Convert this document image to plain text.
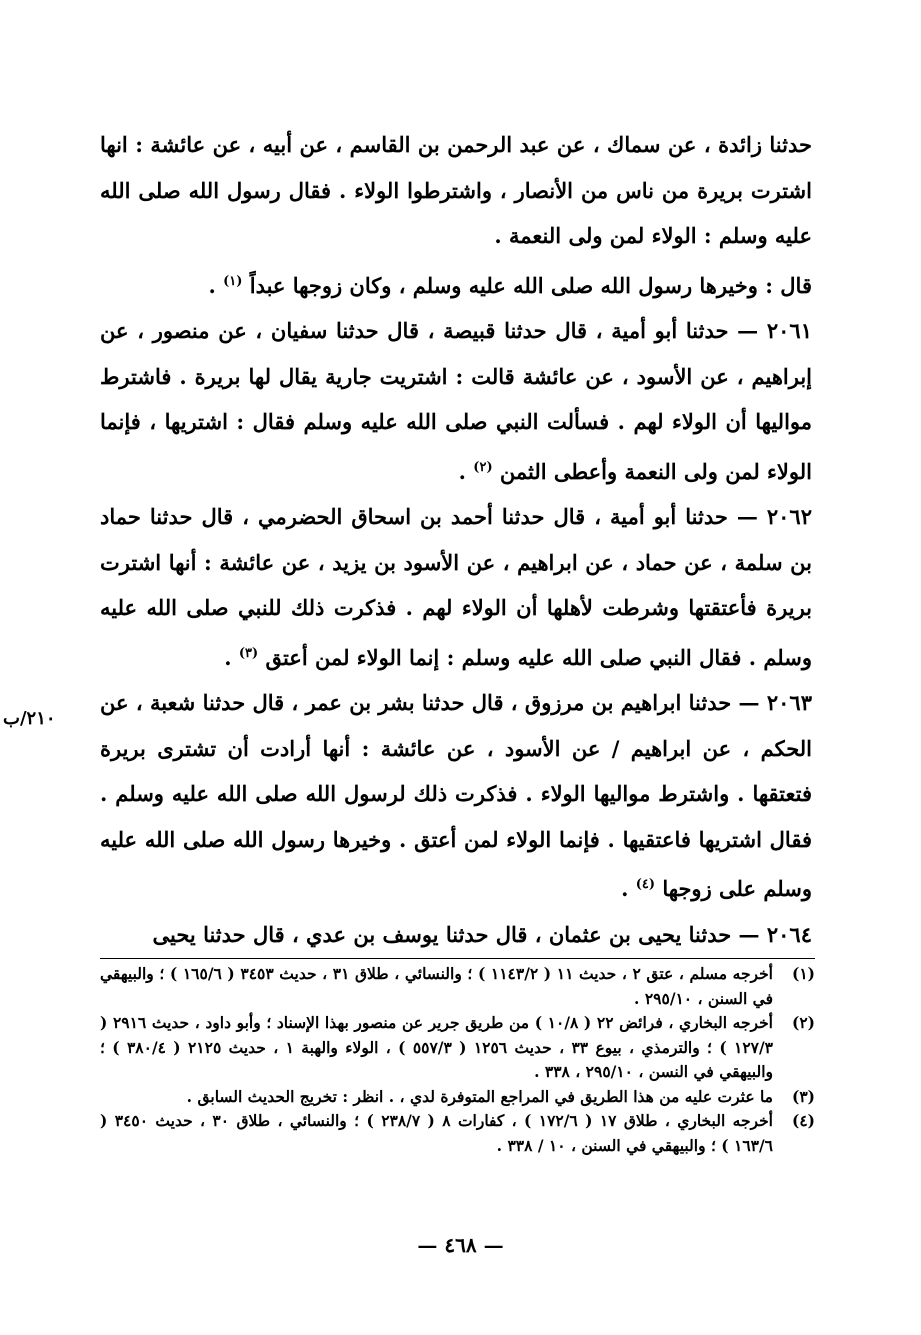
حدثنا زائدة ، عن سماك ، عن عبد الرحمن بن القاسم ، عن أبيه ، عن عائشة : انها اشترت بريرة من ناس من الأنصار ، واشترطوا الولاء . فقال رسول الله صلى الله عليه وسلم : الولاء لمن ولى النعمة .

قال : وخيرها رسول الله صلى الله عليه وسلم ، وكان زوجها عبداً $^{(١)}$ .

٢٠٦١ — حدثنا أبو أمية ، قال حدثنا قبيصة ، قال حدثنا سفيان ، عن منصور ، عن إبراهيم ، عن الأسود ، عن عائشة قالت : اشتريت جارية يقال لها بريرة . فاشترط مواليها أن الولاء لهم . فسألت النبي صلى الله عليه وسلم فقال : اشتريها ، فإنما الولاء لمن ولى النعمة وأعطى الثمن $^{(٢)}$ .

٢٠٦٢ — حدثنا أبو أمية ، قال حدثنا أحمد بن اسحاق الحضرمي ، قال حدثنا حماد بن سلمة ، عن حماد ، عن ابراهيم ، عن الأسود بن يزيد ، عن عائشة : أنها اشترت بريرة فأعتقتها وشرطت لأهلها أن الولاء لهم . فذكرت ذلك للنبي صلى الله عليه وسلم . فقال النبي صلى الله عليه وسلم : إنما الولاء لمن أعتق $^{(٣)}$ .

٢٠٦٣ — حدثنا ابراهيم بن مرزوق ، قال حدثنا بشر بن عمر ، قال حدثنا شعبة ، عن الحكم ، عن ابراهيم / عن الأسود ، عن عائشة : أنها أرادت أن تشترى بريرة فتعتقها . واشترط مواليها الولاء . فذكرت ذلك لرسول الله صلى الله عليه وسلم . فقال اشتريها فاعتقيها . فإنما الولاء لمن أعتق . وخيرها رسول الله صلى الله عليه وسلم على زوجها $^{(٤)}$ .

٢٠٦٤ — حدثنا يحيى بن عثمان ، قال حدثنا يوسف بن عدي ، قال حدثنا يحيى

٢١٠/ب
(١)
أخرجه مسلم ، عتق ٢ ، حديث ١١ ( ١١٤٣/٢ ) ؛ والنسائي ، طلاق ٣١ ، حديث ٣٤٥٣ ( ١٦٥/٦ ) ؛ والبيهقي في السنن ، ٢٩٥/١٠ .
(٢)
أخرجه البخاري ، فرائض ٢٢ ( ١٠/٨ ) من طريق جرير عن منصور بهذا الإسناد ؛ وأبو داود ، حديث ٢٩١٦ ( ١٢٧/٣ ) ؛ والترمذي ، بيوع ٣٣ ، حديث ١٢٥٦ ( ٥٥٧/٣ ) ، الولاء والهبة ١ ، حديث ٢١٢٥ ( ٣٨٠/٤ ) ؛ والبيهقي في النسن ، ٢٩٥/١٠ ، ٣٣٨ .
(٣)
ما عثرت عليه من هذا الطريق في المراجع المتوفرة لدي ، . انظر : تخريج الحديث السابق .
(٤)
أخرجه البخاري ، طلاق ١٧ ( ١٧٢/٦ ) ، كفارات ٨ ( ٢٣٨/٧ ) ؛ والنسائي ، طلاق ٣٠ ، حديث ٣٤٥٠ ( ١٦٣/٦ ) ؛ والبيهقي في السنن ، ١٠ / ٣٣٨ .
— ٤٦٨ —
